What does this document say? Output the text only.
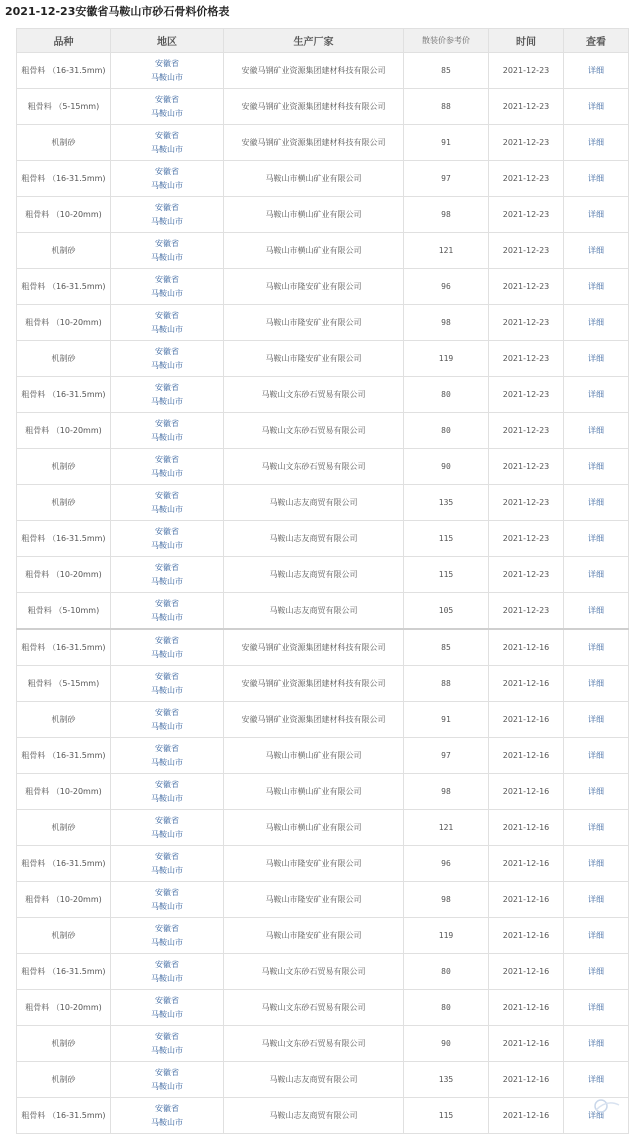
2021-12-23安徽省马鞍山市砂石骨料价格表
品种	地区	生产厂家	散装价参考价	时间	查看
粗骨料 （16-31.5mm)	安徽省
马鞍山市	安徽马钢矿业资源集团建材科技有限公司	85	2021-12-23	详细
粗骨料 （5-15mm)	安徽省
马鞍山市	安徽马钢矿业资源集团建材科技有限公司	88	2021-12-23	详细
机制砂	安徽省
马鞍山市	安徽马钢矿业资源集团建材科技有限公司	91	2021-12-23	详细
粗骨料 （16-31.5mm)	安徽省
马鞍山市	马鞍山市横山矿业有限公司	97	2021-12-23	详细
粗骨料 （10-20mm)	安徽省
马鞍山市	马鞍山市横山矿业有限公司	98	2021-12-23	详细
机制砂	安徽省
马鞍山市	马鞍山市横山矿业有限公司	121	2021-12-23	详细
粗骨料 （16-31.5mm)	安徽省
马鞍山市	马鞍山市隆安矿业有限公司	96	2021-12-23	详细
粗骨料 （10-20mm)	安徽省
马鞍山市	马鞍山市隆安矿业有限公司	98	2021-12-23	详细
机制砂	安徽省
马鞍山市	马鞍山市隆安矿业有限公司	119	2021-12-23	详细
粗骨料 （16-31.5mm)	安徽省
马鞍山市	马鞍山文东砂石贸易有限公司	80	2021-12-23	详细
粗骨料 （10-20mm)	安徽省
马鞍山市	马鞍山文东砂石贸易有限公司	80	2021-12-23	详细
机制砂	安徽省
马鞍山市	马鞍山文东砂石贸易有限公司	90	2021-12-23	详细
机制砂	安徽省
马鞍山市	马鞍山志友商贸有限公司	135	2021-12-23	详细
粗骨料 （16-31.5mm)	安徽省
马鞍山市	马鞍山志友商贸有限公司	115	2021-12-23	详细
粗骨料 （10-20mm)	安徽省
马鞍山市	马鞍山志友商贸有限公司	115	2021-12-23	详细
粗骨料 （5-10mm)	安徽省
马鞍山市	马鞍山志友商贸有限公司	105	2021-12-23	详细
粗骨料 （16-31.5mm)	安徽省
马鞍山市	安徽马钢矿业资源集团建材科技有限公司	85	2021-12-16	详细
粗骨料 （5-15mm)	安徽省
马鞍山市	安徽马钢矿业资源集团建材科技有限公司	88	2021-12-16	详细
机制砂	安徽省
马鞍山市	安徽马钢矿业资源集团建材科技有限公司	91	2021-12-16	详细
粗骨料 （16-31.5mm)	安徽省
马鞍山市	马鞍山市横山矿业有限公司	97	2021-12-16	详细
粗骨料 （10-20mm)	安徽省
马鞍山市	马鞍山市横山矿业有限公司	98	2021-12-16	详细
机制砂	安徽省
马鞍山市	马鞍山市横山矿业有限公司	121	2021-12-16	详细
粗骨料 （16-31.5mm)	安徽省
马鞍山市	马鞍山市隆安矿业有限公司	96	2021-12-16	详细
粗骨料 （10-20mm)	安徽省
马鞍山市	马鞍山市隆安矿业有限公司	98	2021-12-16	详细
机制砂	安徽省
马鞍山市	马鞍山市隆安矿业有限公司	119	2021-12-16	详细
粗骨料 （16-31.5mm)	安徽省
马鞍山市	马鞍山文东砂石贸易有限公司	80	2021-12-16	详细
粗骨料 （10-20mm)	安徽省
马鞍山市	马鞍山文东砂石贸易有限公司	80	2021-12-16	详细
机制砂	安徽省
马鞍山市	马鞍山文东砂石贸易有限公司	90	2021-12-16	详细
机制砂	安徽省
马鞍山市	马鞍山志友商贸有限公司	135	2021-12-16	详细
粗骨料 （16-31.5mm)	安徽省
马鞍山市	马鞍山志友商贸有限公司	115	2021-12-16	详细
